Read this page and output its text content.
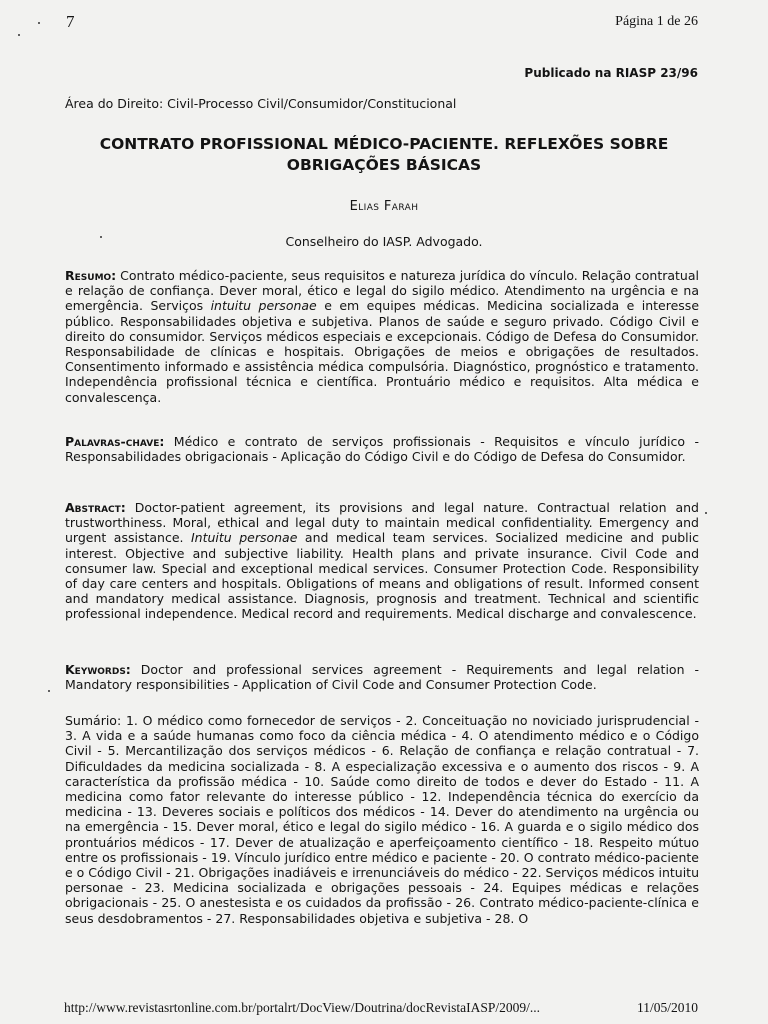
7	Página 1 de 26
Publicado na RIASP 23/96
Área do Direito: Civil-Processo Civil/Consumidor/Constitucional
CONTRATO PROFISSIONAL MÉDICO-PACIENTE. REFLEXÕES SOBRE OBRIGAÇÕES BÁSICAS
Elias Farah
Conselheiro do IASP. Advogado.

Resumo: Contrato médico-paciente, seus requisitos e natureza jurídica do vínculo. Relação contratual e relação de confiança. Dever moral, ético e legal do sigilo médico. Atendimento na urgência e na emergência. Serviços intuitu personae e em equipes médicas. Medicina socializada e interesse público. Responsabilidades objetiva e subjetiva. Planos de saúde e seguro privado. Código Civil e direito do consumidor. Serviços médicos especiais e excepcionais. Código de Defesa do Consumidor. Responsabilidade de clínicas e hospitais. Obrigações de meios e obrigações de resultados. Consentimento informado e assistência médica compulsória. Diagnóstico, prognóstico e tratamento. Independência profissional técnica e científica. Prontuário médico e requisitos. Alta médica e convalescença.

Palavras-chave: Médico e contrato de serviços profissionais - Requisitos e vínculo jurídico - Responsabilidades obrigacionais - Aplicação do Código Civil e do Código de Defesa do Consumidor.

Abstract: Doctor-patient agreement, its provisions and legal nature. Contractual relation and trustworthiness. Moral, ethical and legal duty to maintain medical confidentiality. Emergency and urgent assistance. Intuitu personae and medical team services. Socialized medicine and public interest. Objective and subjective liability. Health plans and private insurance. Civil Code and consumer law. Special and exceptional medical services. Consumer Protection Code. Responsibility of day care centers and hospitals. Obligations of means and obligations of result. Informed consent and mandatory medical assistance. Diagnosis, prognosis and treatment. Technical and scientific professional independence. Medical record and requirements. Medical discharge and convalescence.

Keywords: Doctor and professional services agreement - Requirements and legal relation - Mandatory responsibilities - Application of Civil Code and Consumer Protection Code.

Sumário: 1. O médico como fornecedor de serviços - 2. Conceituação no noviciado jurisprudencial - 3. A vida e a saúde humanas como foco da ciência médica - 4. O atendimento médico e o Código Civil - 5. Mercantilização dos serviços médicos - 6. Relação de confiança e relação contratual - 7. Dificuldades da medicina socializada - 8. A especialização excessiva e o aumento dos riscos - 9. A característica da profissão médica - 10. Saúde como direito de todos e dever do Estado - 11. A medicina como fator relevante do interesse público - 12. Independência técnica do exercício da medicina - 13. Deveres sociais e políticos dos médicos - 14. Dever do atendimento na urgência ou na emergência - 15. Dever moral, ético e legal do sigilo médico - 16. A guarda e o sigilo médico dos prontuários médicos - 17. Dever de atualização e aperfeiçoamento científico - 18. Respeito mútuo entre os profissionais - 19. Vínculo jurídico entre médico e paciente - 20. O contrato médico-paciente e o Código Civil - 21. Obrigações inadiáveis e irrenunciáveis do médico - 22. Serviços médicos intuitu personae - 23. Medicina socializada e obrigações pessoais - 24. Equipes médicas e relações obrigacionais - 25. O anestesista e os cuidados da profissão - 26. Contrato médico-paciente-clínica e seus desdobramentos - 27. Responsabilidades objetiva e subjetiva - 28. O

http://www.revistasrtonline.com.br/portalrt/DocView/Doutrina/docRevistaIASP/2009/...	11/05/2010
